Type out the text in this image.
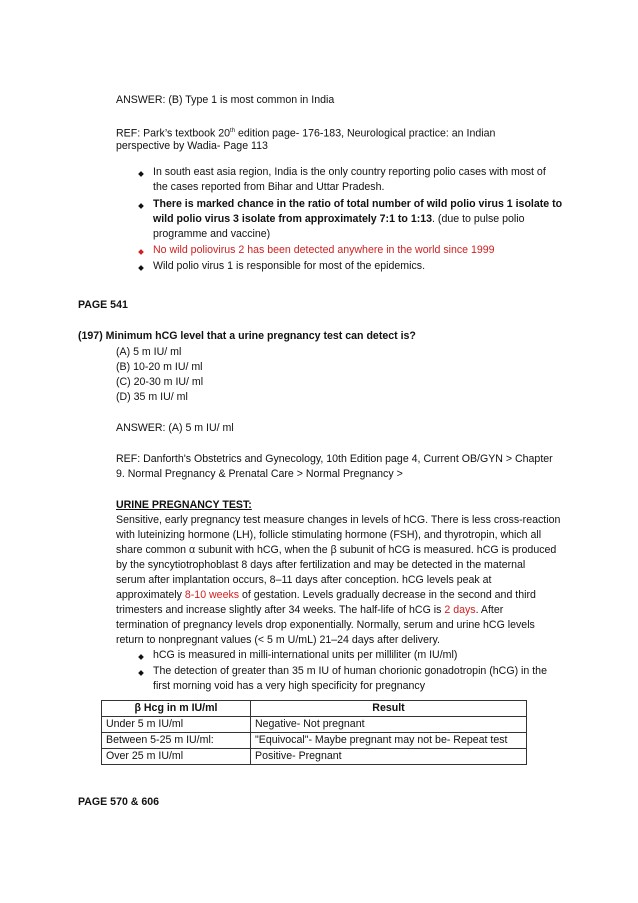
ANSWER: (B) Type 1 is most common in India
REF: Park’s textbook 20th edition page- 176-183, Neurological practice: an Indian
perspective by Wadia- Page 113
In south east asia region, India is the only country reporting polio cases with most of
the cases reported from Bihar and Uttar Pradesh.
There is marked chance in the ratio of total number of wild polio virus 1 isolate to
wild polio virus 3 isolate from approximately 7:1 to 1:13. (due to pulse polio
programme and vaccine)
No wild poliovirus 2 has been detected anywhere in the world since 1999
Wild polio virus 1 is responsible for most of the epidemics.
PAGE 541
(197) Minimum hCG level that a urine pregnancy test can detect is?
(A) 5 m IU/ ml
(B) 10-20 m IU/ ml
(C) 20-30 m IU/ ml
(D) 35 m IU/ ml
ANSWER: (A) 5 m IU/ ml
REF: Danforth's Obstetrics and Gynecology, 10th Edition page 4, Current OB/GYN > Chapter
9. Normal Pregnancy & Prenatal Care > Normal Pregnancy >
URINE PREGNANCY TEST:
Sensitive, early pregnancy test measure changes in levels of hCG. There is less cross-reaction
with luteinizing hormone (LH), follicle stimulating hormone (FSH), and thyrotropin, which all
share common α subunit with hCG, when the β subunit of hCG is measured. hCG is produced
by the syncytiotrophoblast 8 days after fertilization and may be detected in the maternal
serum after implantation occurs, 8–11 days after conception. hCG levels peak at
approximately 8-10 weeks of gestation. Levels gradually decrease in the second and third
trimesters and increase slightly after 34 weeks. The half-life of hCG is 2 days. After
termination of pregnancy levels drop exponentially. Normally, serum and urine hCG levels
return to nonpregnant values (< 5 m U/mL) 21–24 days after delivery.
hCG is measured in milli-international units per milliliter (m IU/ml)
The detection of greater than 35 m IU of human chorionic gonadotropin (hCG) in the
first morning void has a very high specificity for pregnancy
β Hcg in m IU/ml	Result
Under 5 m IU/ml	Negative- Not pregnant
Between 5-25 m IU/ml:	"Equivocal"- Maybe pregnant may not be- Repeat test
Over 25 m IU/ml	Positive- Pregnant
PAGE 570 & 606
